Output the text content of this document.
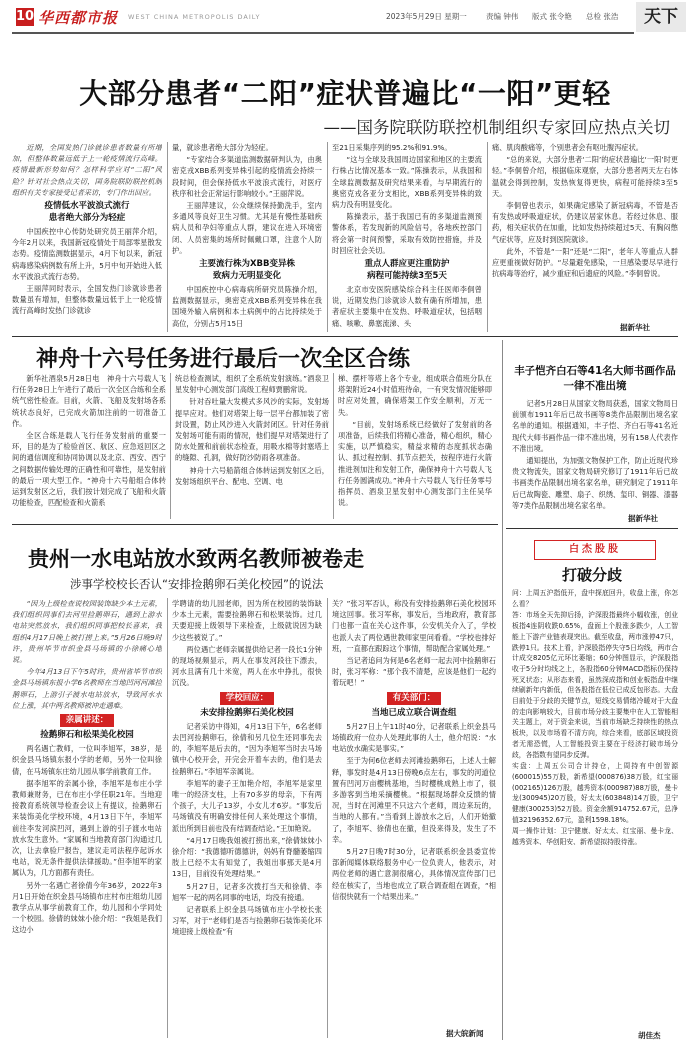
10 华西都市报 WEST CHINA METROPOLIS DAILY	2023年5月29日 星期一	责编 钟伟 版式 张令艳 总检 张浩	天下
大部分患者“二阳”症状普遍比“一阳”更轻
——国务院联防联控机制组织专家回应热点关切
近期，全国发热门诊就诊患者数量有所增加，但整体数量远低于上一轮疫情流行高峰。疫情最新形势如何？怎样科学应对“二阳”风险？针对社会热点关切，国务院联防联控机制组织有关专家接受记者采访，专门作出回应。
疫情低水平波浪式流行
患者绝大部分为轻症
中国疾控中心传防处研究员王丽萍介绍，今年2月以来，我国新冠疫情处于局部零星散发态势。疫情监测数据显示，4月下旬以来，新冠病毒感染病例数有所上升，5月中旬开始进入低水平波浪式流行态势。
王丽萍同时表示，全国发热门诊就诊患者数量虽有增加，但整体数量远低于上一轮疫情流行高峰时发热门诊就诊
量，就诊患者绝大部分为轻症。
“专家结合多渠道监测数据研判认为，由奥密克戎XBB系列变异株引起的疫情流会持续一段时间，但会保持低水平波浪式流行，对医疗秩序和社会正常运行影响较小。”王丽萍说。
王丽萍建议，公众继续保持勤洗手，室内多通风等良好卫生习惯。尤其是有慢性基础疾病人员和孕妇等重点人群，建议在进入环境密闭、人员密集的场所时佩戴口罩，注意个人防护。
主要流行株为XBB变异株
致病力无明显变化
中国疾控中心病毒病所研究员陈操介绍，监测数据显示，奥密克戎XBB系列变异株在我国境外输入病例和本土病例中的占比持续处于高位，分别占5月15日
至21日采集序列的95.2%和91.9%。
“这与全球及我国周边国家和地区的主要流行株占比情况基本一致。”陈操表示，从我国和全球监测数据及研究结果来看，与早期流行的奥密克戎各亚分支相比，XBB系列变异株的致病力没有明显变化。
陈操表示，基于我国已有的多渠道监测预警体系，若发现新的风险信号，各地疾控部门将会第一时间预警，采取有效防控措施，并及时回应社会关切。
重点人群应更注重防护
病程可能持续3至5天
北京市安医院感染综合科主任医师李侗曾说，近期发热门诊就诊人数有确有所增加，患者症状主要集中在发热、呼吸道症状，包括咽痛、咳嗽、鼻塞流涕、头
痛、肌肉酸痛等，个别患者会有呕吐腹泻症状。
“总的来说，大部分患者‘二阳’的症状普遍比‘一阳’时更轻。”李侗曾介绍，根据临床观察，大部分患者两天左右体温就会得到控制，发热恢复得更快，病程可能持续3至5天。
李侗曾也表示，如果确定感染了新冠病毒，不管是否有发热或呼吸道症状，仍建议居家休息。若经过休息、服药，相关症状仍在加重，比如发热持续超过5天、有胸闷憋气症状等，应及时到医院就诊。
此外，不管是“一阳”还是“二阳”，老年人等重点人群应更重视做好防护。“尽量避免感染，一旦感染要尽早进行抗病毒等治疗，减少重症和后遗症的风险。”李侗曾说。
据新华社
神舟十六号任务进行最后一次全区合练
新华社酒泉5月28日电　神舟十六号载人飞行任务28日上午进行了最后一次全区合练和全系统气密性检查。目前，火箭、飞船及发射场各系统状态良好，已完成火箭加注前的一切准备工作。
全区合练是载人飞行任务发射前的重要一环，目的是为了检验首区、航区、应急返回区之间的通信调度和协同协调以及北京、西安、西宁之间数据传输处理的正确性和可靠性，是发射前的最后一项大型工作。“神舟十六号船组合体转运到发射区之后，我们按计划完成了飞船和火箭功能检查，匹配检查和火箭系
统总检查测试，组织了全系统发射演练。”酒泉卫星发射中心测发部门高级工程师贾鹏常说。
针对吞吐量大发模式多风沙的实际，发射场提早应对。他们对塔架上每一层平台都加装了密封设置，防止风沙进入火箭封闭区。针对任务前发射场可能有雨的情况，他们提早对塔架进行了防水处置和前前状态检查，用吸水棉等封塞塔上的缝隙、孔洞，做好防沙防雨各项准备。
神舟十六号船箭组合体转运到发射区之后，发射场组织平台、配电、空调、电
梯、摆杆等塔上各个专业，组成联合值班分队在塔架附近24小时值班待命，一有突发情况能够即时应对处置，确保塔架工作安全顺利，万无一失。
“目前，发射场系统已经做好了发射前的各项准备，后续我们将精心准备，精心组织，精心实施，以严慎稳实，精益求精的态度抓状态确认、抓过程控制、抓节点把关，按程序进行火箭推进剂加注和发射工作，确保神舟十六号载人飞行任务圆满成功。”神舟十六号载人飞行任务零号指挥员、酒泉卫星发射中心测发部门主任吴华说。
丰子恺齐白石等41名大师书画作品一律不准出境
记者5月28日从国家文物局获悉，国家文物局日前颁布1911年后已故书画等8类作品限制出境名家名单的通知。根据通知，丰子恺、齐白石等41名近现代大师书画作品一律不准出境，另有158人代表作不准出境。
通知提出，为加强文物保护工作，防止近现代珍贵文物流失，国家文物局研究修订了1911年后已故书画类作品限制出境名家名单，研究制定了1911年后已故陶瓷、雕塑、扇子、织绣、玺印、铜器、漆器等7类作品限制出境名家名单。
据新华社
贵州一水电站放水致两名教师被卷走
涉事学校校长否认“安排捡鹅卵石美化校园”的说法
“因为上级检查说校园装饰缺少本土元素，我们组织同事们去河里捡鹅卵石，遇到上游水电站突然放水，我们组织同事把校长喜来，我组织4月17日晚上被打捞上来。”5月26日晚9时许，贵州毕节市织金县马场镇的小徐痛心地说。
今年4月13日下午5时许，贵州省毕节市织金县马场镇东报小学6名教师在当地凹河河滩捡鹅卵石，上游引子渡水电站放水，导致河水水位上涨，其中两名教师被冲走遇难。
亲属讲述：
捡鹅卵石和松果美化校园
两名遇亡教师，一位叫李旭军，38岁，是织金县马场镇东报小学的老师，另外一位叫徐倩，在马场镇东庄幼儿园从事学前教育工作。
据李旭军的亲属小徐，李旭军是布庄小学教师兼财务，已在布庄小学任职21年。当地迎接教育系统领导检查会议上有提议，捡鹅卵石来装饰美化学校环境，4月13日下午，李旭军前往李发河滨凹河，遇到上游的引子渡水电站放水发生意外。“家属和当地教育部门沟通过几次，让去拿验尸报告，建议走司法程序起诉水电站，说无条件提供法律援助。”但李旭军的家属认为，几方面都有责任。
另外一名遇亡者徐倩今年36岁，2022年3月1日开始在织金县马场镇布庄村布庄组幼儿园教学点从事学前教育工作，幼儿园和小学同处一个校园。徐倩的妹妹小徐介绍：“我姐是我们这边小
学聘请的幼儿园老师，因为所在校园的装饰缺少本土元素，需要捡鹅卵石和松果装饰。过几天要迎接上级领导下来检查，上级就说因为缺少这些被说了。”
两位遇亡老师亲属提供给记者一段长1分钟的现场视频显示，两人在事发河段往下漂去，河水且满有几十米宽，两人在水中挣扎，很快沉没。
学校回应：
未安排捡鹅卵石美化校园
记者采访中得知，4月13日下午，6名老师去凹河捡鹅卵石，徐倩和另几位生还同事先去的，李旭军是后去的，“因为李旭军当时去马场镇中心校开会，开完会开着车去的，他们是去捡鹅卵石。”李旭军亲属说。
李旭军的妻子王加艳介绍，李旭军是家里唯一的经济支柱，上有70多岁的母亲，下有两个孩子，大儿子13岁，小女儿才6岁。“事发后马场镇没有明确安排任何人来处理这个事情，派出所到目前也没有结调查结论。”王加艳说。
“4月17日晚我姐被打捞出来，”徐倩妹妹小徐介绍：“我德德听德德讲，妈妈有脊髓萎缩四肢上已经不太有知觉了，我姐出事那天是4月13日，目前没有处理结果。”
5月27日，记者多次拨打当天和徐倩、李旭军一起的两名同事的电话，均没有接通。
记者联系上织金县马场镇布庄小学校长张习军，对于“老师们是否与捡鹅卵石装饰美化环境迎接上级检查”有
关？”张习军否认，称没有安排捡鹅卵石美化校园环境这回事。张习军称，事发后，当地政府，教育部门也都一直在关心这件事，公安机关介入了，学校也派人去了两位遇世教师家里问看看。“学校也排好班，一直都在跟踪这个事情，帮助配合家属处理。”
当记者追问为何是6名老师一起去河中捡鹅卵石时，张习军称：“那个我不清楚，应该是他们一起约着玩吧！”
有关部门：
当地已成立联合调查组
5月27日上午11时40分，记者联系上织金县马场镇政府一位办人处理此事的人士，他介绍说：“水电站放水确实是事实。”
至于为何6位老师去河滩捡鹅卵石，上述人士解释，事发时是4月13日傍晚6点左右，事发的河道位置有凹河万亩樱桃基地，当时樱桃成熟上市了，很多游客到当地采摘樱桃。“根据现场群众反馈的情况，当时在河滩里不只这六个老师，周边来玩的，当地的人都有。”当看到上游放水之后，人们开始撤了，李旭军、徐倩也在撤，但没来得及，发生了不幸。
5月27日晚7时30分，记者联系织金县委宣传部新闻媒体联络服务中心一位负责人，他表示，对两位老师的遇亡意洞很痛心，具体情况宣传部门已经在核实了，当地也成立了联合调查组在调查，“相信很快就有一个结果出来。”
据大皖新闻
白杰股股
打破分歧
问：上周五沪指低开，盘中探底回升，收盘上涨，你怎么看？
答：市场全天先抑后扬，沪深股指最终小幅收涨，创业板指4连阴收跌0.65%，盘面上个股涨多跌少，人工智能上下游产业链表现突出。截至收盘，两市涨停47只，跌停1只。技术上看，沪深股指停失守5日均线，两市合计成交8205亿元环比萎缩；60分钟图显示，沪深股指收于5分时均线之上，各股指60分钟MACD指标仍保持死叉状态；从形态来看，虽然深成指和创业板指盘中继续刷新年内新低，但各股指在低位已成反包形态。大盘目前处于分歧的关键节点，短线交易情绪冷暖对于大盘的走向影响较大，目前市场分歧主要集中在人工智能相关主题上，对于资金来说，当前市场缺乏持续性的热点板块，以及市场看不清方向，综合来看，底部区域投资者无需恐慌，人工智能投资主要在于经济打破市场分歧，各指数有望同步反弹。
实盘：上周五公司合计持仓，上周持有中创智源(600015)55万股，新希望(000876)38万股，红宝丽(002165)126万股，越秀资本(000987)88万股，曼卡龙(300945)20万股，好太太(603848)14万股，卫宁健康(300253)52万股。资金余额914752.67元，总净值32196352.67元，盈利1598.18%。
周一操作计划：卫宁健康、好太太、红宝丽、曼卡龙、越秀资本、华创阳安、新希望拟持股待涨。
胡佳杰
